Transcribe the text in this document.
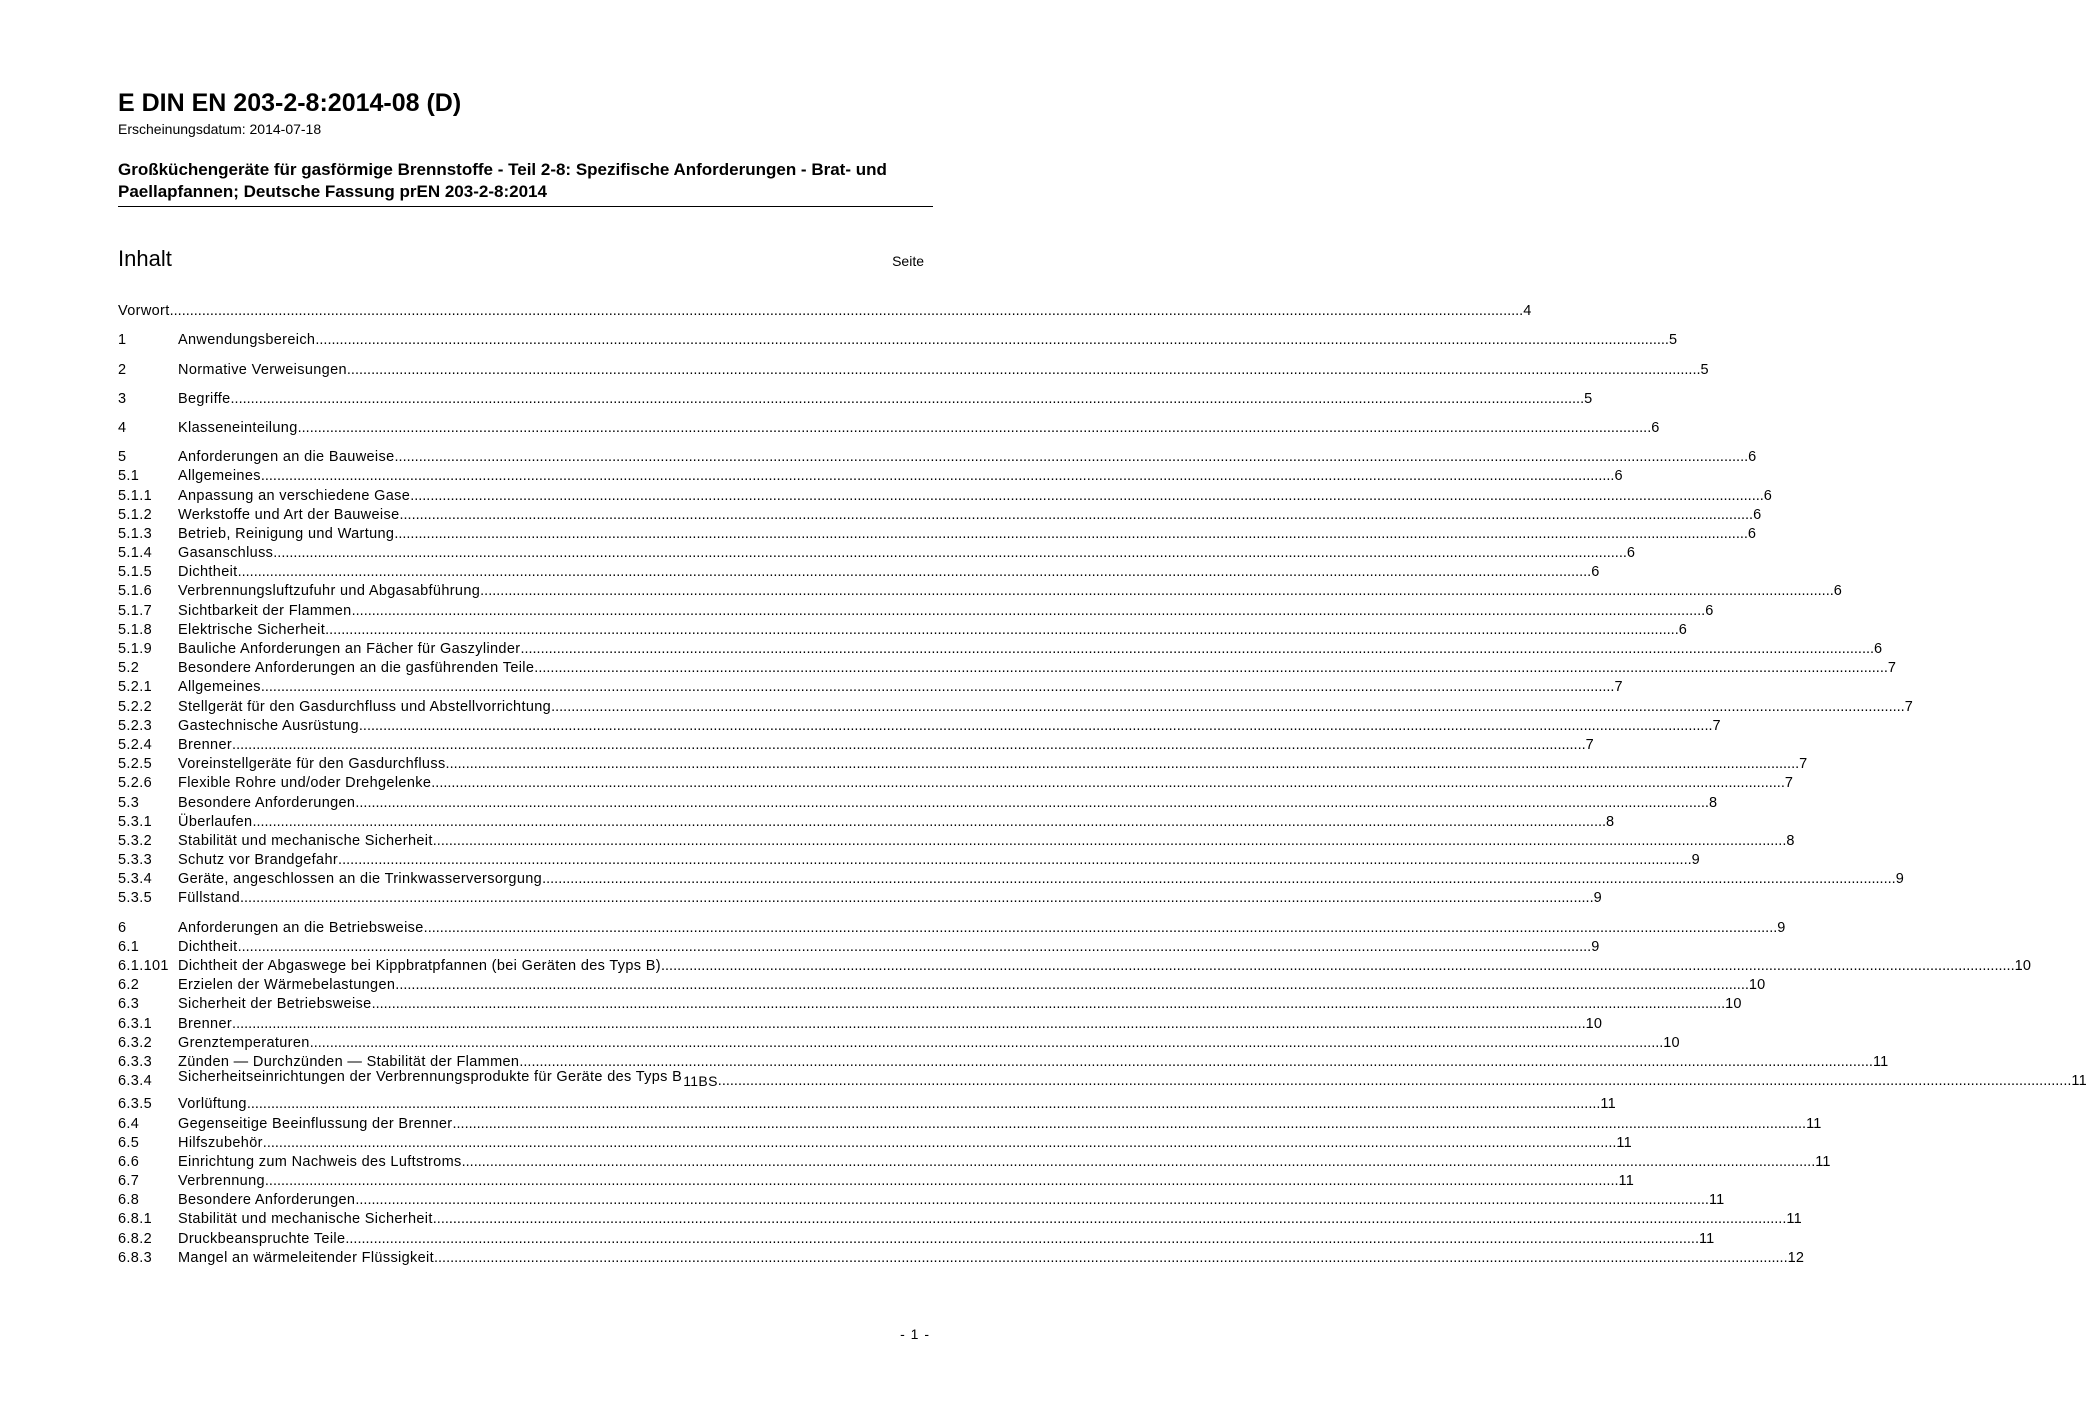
E DIN EN 203-2-8:2014-08 (D)
Erscheinungsdatum: 2014-07-18
Großküchengeräte für gasförmige Brennstoffe - Teil 2-8: Spezifische Anforderungen - Brat- und Paellapfannen; Deutsche Fassung prEN 203-2-8:2014
Inhalt	Seite
Vorwort .....	4
1	Anwendungsbereich .....	5
2	Normative Verweisungen .....	5
3	Begriffe .....	5
4	Klasseneinteilung .....	6
5	Anforderungen an die Bauweise .....	6
5.1	Allgemeines .....	6
5.1.1	Anpassung an verschiedene Gase .....	6
5.1.2	Werkstoffe und Art der Bauweise .....	6
5.1.3	Betrieb, Reinigung und Wartung .....	6
5.1.4	Gasanschluss .....	6
5.1.5	Dichtheit .....	6
5.1.6	Verbrennungsluftzufuhr und Abgasabführung .....	6
5.1.7	Sichtbarkeit der Flammen .....	6
5.1.8	Elektrische Sicherheit .....	6
5.1.9	Bauliche Anforderungen an Fächer für Gaszylinder .....	6
5.2	Besondere Anforderungen an die gasführenden Teile .....	7
5.2.1	Allgemeines .....	7
5.2.2	Stellgerät für den Gasdurchfluss und Abstellvorrichtung .....	7
5.2.3	Gastechnische Ausrüstung .....	7
5.2.4	Brenner .....	7
5.2.5	Voreinstellgeräte für den Gasdurchfluss .....	7
5.2.6	Flexible Rohre und/oder Drehgelenke .....	7
5.3	Besondere Anforderungen .....	8
5.3.1	Überlaufen .....	8
5.3.2	Stabilität und mechanische Sicherheit .....	8
5.3.3	Schutz vor Brandgefahr .....	9
5.3.4	Geräte, angeschlossen an die Trinkwasserversorgung .....	9
5.3.5	Füllstand .....	9
6	Anforderungen an die Betriebsweise .....	9
6.1	Dichtheit .....	9
6.1.101 Dichtheit der Abgaswege bei Kippbratpfannen (bei Geräten des Typs B) .....	10
6.2	Erzielen der Wärmebelastungen .....	10
6.3	Sicherheit der Betriebsweise .....	10
6.3.1	Brenner .....	10
6.3.2	Grenztemperaturen .....	10
6.3.3	Zünden — Durchzünden — Stabilität der Flammen .....	11
6.3.4	Sicherheitseinrichtungen der Verbrennungsprodukte für Geräte des Typs B11BS .....	11
6.3.5	Vorlüftung .....	11
6.4	Gegenseitige Beeinflussung der Brenner .....	11
6.5	Hilfszubehör .....	11
6.6	Einrichtung zum Nachweis des Luftstroms .....	11
6.7	Verbrennung .....	11
6.8	Besondere Anforderungen .....	11
6.8.1	Stabilität und mechanische Sicherheit .....	11
6.8.2	Druckbeanspruchte Teile .....	11
6.8.3	Mangel an wärmeleitender Flüssigkeit .....	12
- 1 -
